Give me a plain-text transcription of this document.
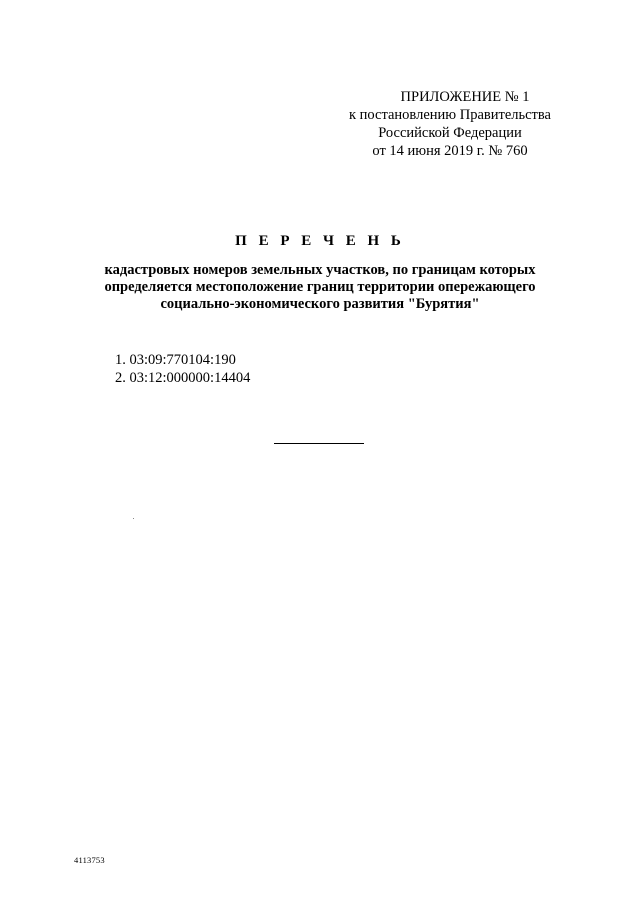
ПРИЛОЖЕНИЕ № 1
к постановлению Правительства
Российской Федерации
от 14 июня 2019 г. № 760
П Е Р Е Ч Е Н Ь
кадастровых номеров земельных участков, по границам которых
определяется местоположение границ территории опережающего
социально-экономического развития "Бурятия"
1. 03:09:770104:190
2. 03:12:000000:14404
4113753
